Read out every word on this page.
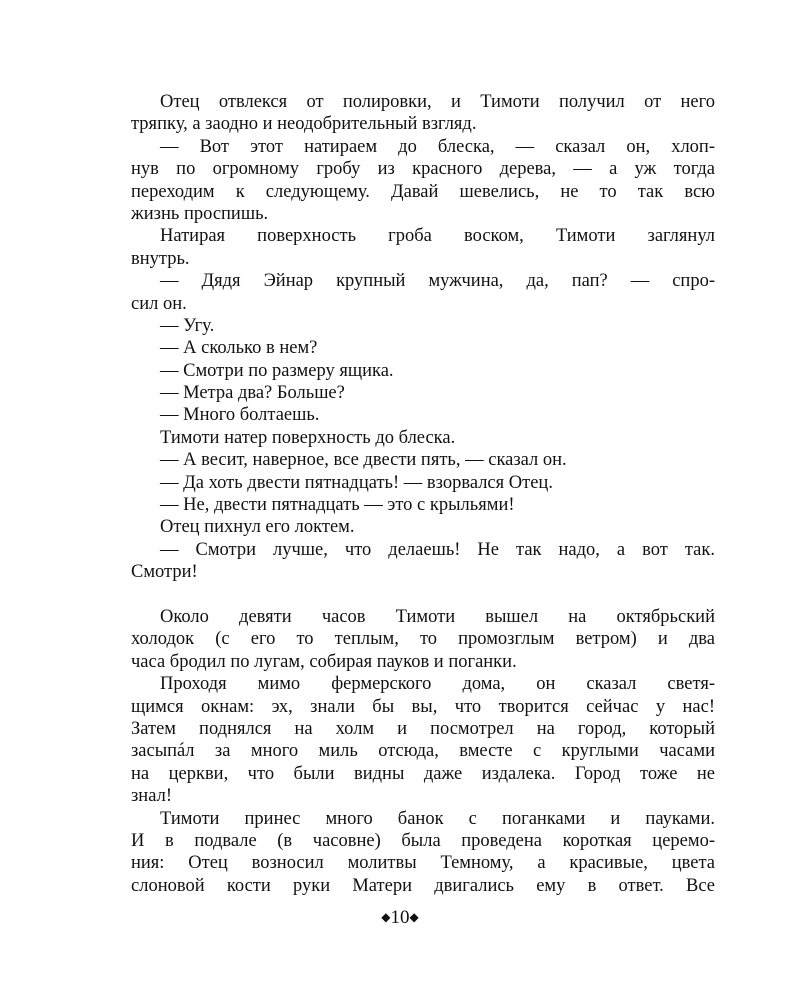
Отец отвлекся от полировки, и Тимоти получил от него
тряпку, а заодно и неодобрительный взгляд.
— Вот этот натираем до блеска, — сказал он, хлоп-
нув по огромному гробу из красного дерева, — а уж тогда
переходим к следующему. Давай шевелись, не то так всю
жизнь проспишь.
Натирая поверхность гроба воском, Тимоти заглянул
внутрь.
— Дядя Эйнар крупный мужчина, да, пап? — спро-
сил он.
— Угу.
— А сколько в нем?
— Смотри по размеру ящика.
— Метра два? Больше?
— Много болтаешь.
Тимоти натер поверхность до блеска.
— А весит, наверное, все двести пять, — сказал он.
— Да хоть двести пятнадцать! — взорвался Отец.
— Не, двести пятнадцать — это с крыльями!
Отец пихнул его локтем.
— Смотри лучше, что делаешь! Не так надо, а вот так.
Смотри!
Около девяти часов Тимоти вышел на октябрьский
холодок (с его то теплым, то промозглым ветром) и два
часа бродил по лугам, собирая пауков и поганки.
Проходя мимо фермерского дома, он сказал светя-
щимся окнам: эх, знали бы вы, что творится сейчас у нас!
Затем поднялся на холм и посмотрел на город, который
засыпáл за много миль отсюда, вместе с круглыми часами
на церкви, что были видны даже издалека. Город тоже не
знал!
Тимоти принес много банок с поганками и пауками.
И в подвале (в часовне) была проведена короткая церемо-
ния: Отец возносил молитвы Темному, а красивые, цвета
слоновой кости руки Матери двигались ему в ответ. Все
◆10◆
